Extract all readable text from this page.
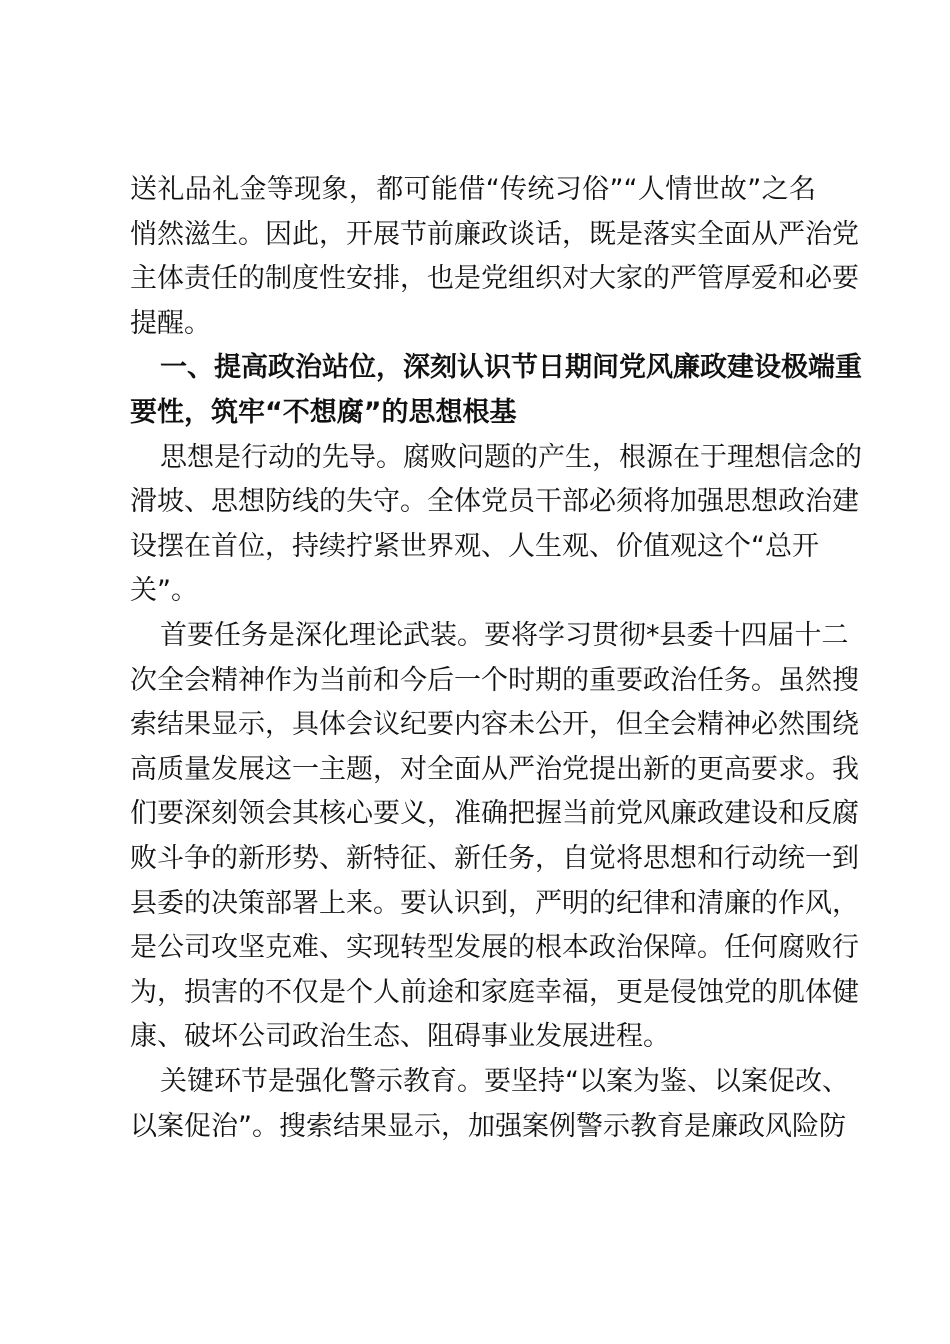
送礼品礼金等现象，都可能借“传统习俗”“人情世故”之名
悄然滋生。因此，开展节前廉政谈话，既是落实全面从严治党
主体责任的制度性安排，也是党组织对大家的严管厚爱和必要
提醒。
一、提高政治站位，深刻认识节日期间党风廉政建设极端重
要性，筑牢“不想腐”的思想根基
思想是行动的先导。腐败问题的产生，根源在于理想信念的
滑坡、思想防线的失守。全体党员干部必须将加强思想政治建
设摆在首位，持续拧紧世界观、人生观、价值观这个“总开
关”。
首要任务是深化理论武装。要将学习贯彻*县委十四届十二
次全会精神作为当前和今后一个时期的重要政治任务。虽然搜
索结果显示，具体会议纪要内容未公开，但全会精神必然围绕
高质量发展这一主题，对全面从严治党提出新的更高要求。我
们要深刻领会其核心要义，准确把握当前党风廉政建设和反腐
败斗争的新形势、新特征、新任务，自觉将思想和行动统一到
县委的决策部署上来。要认识到，严明的纪律和清廉的作风，
是公司攻坚克难、实现转型发展的根本政治保障。任何腐败行
为，损害的不仅是个人前途和家庭幸福，更是侵蚀党的肌体健
康、破坏公司政治生态、阻碍事业发展进程。
关键环节是强化警示教育。要坚持“以案为鉴、以案促改、
以案促治”。搜索结果显示，加强案例警示教育是廉政风险防
